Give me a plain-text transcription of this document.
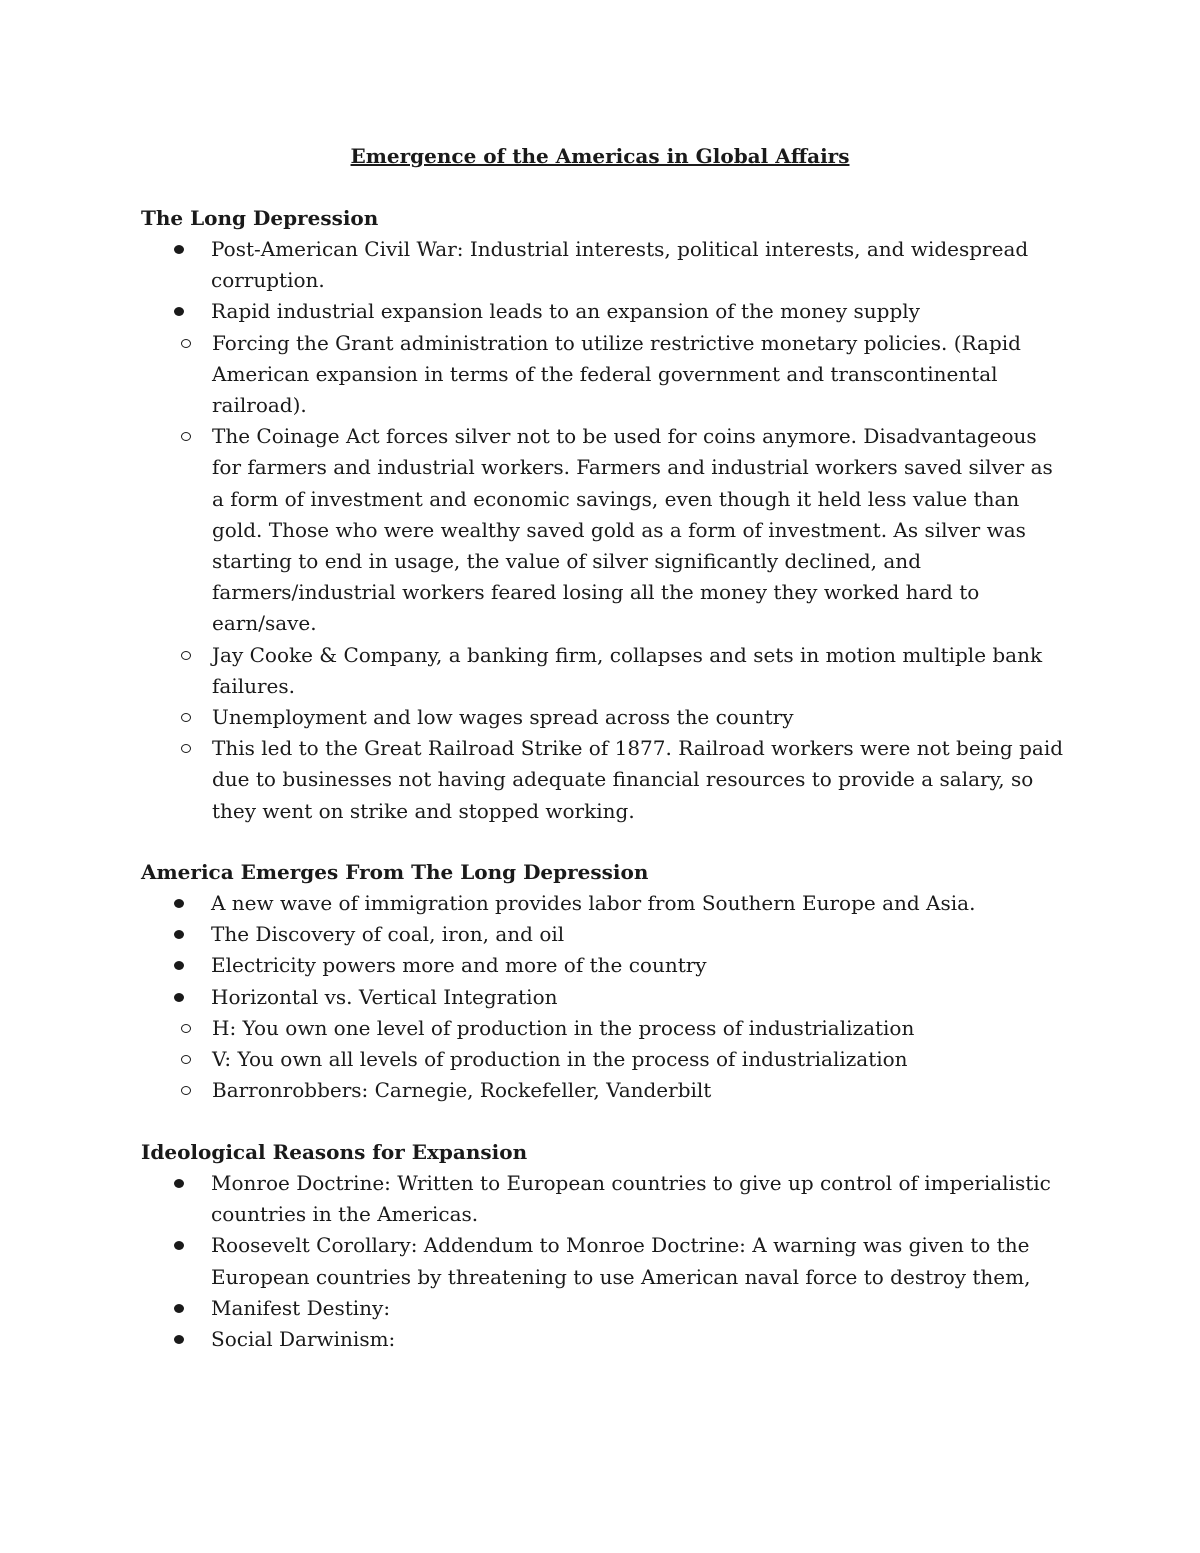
Emergence of the Americas in Global Affairs
The Long Depression
Post-American Civil War: Industrial interests, political interests, and widespread corruption.
Rapid industrial expansion leads to an expansion of the money supply
Forcing the Grant administration to utilize restrictive monetary policies. (Rapid American expansion in terms of the federal government and transcontinental railroad).
The Coinage Act forces silver not to be used for coins anymore. Disadvantageous for farmers and industrial workers. Farmers and industrial workers saved silver as a form of investment and economic savings, even though it held less value than gold. Those who were wealthy saved gold as a form of investment. As silver was starting to end in usage, the value of silver significantly declined, and farmers/industrial workers feared losing all the money they worked hard to earn/save.
Jay Cooke & Company, a banking firm, collapses and sets in motion multiple bank failures.
Unemployment and low wages spread across the country
This led to the Great Railroad Strike of 1877. Railroad workers were not being paid due to businesses not having adequate financial resources to provide a salary, so they went on strike and stopped working.
America Emerges From The Long Depression
A new wave of immigration provides labor from Southern Europe and Asia.
The Discovery of coal, iron, and oil
Electricity powers more and more of the country
Horizontal vs. Vertical Integration
H: You own one level of production in the process of industrialization
V: You own all levels of production in the process of industrialization
Barronrobbers: Carnegie, Rockefeller, Vanderbilt
Ideological Reasons for Expansion
Monroe Doctrine: Written to European countries to give up control of imperialistic countries in the Americas.
Roosevelt Corollary: Addendum to Monroe Doctrine: A warning was given to the European countries by threatening to use American naval force to destroy them,
Manifest Destiny:
Social Darwinism:
